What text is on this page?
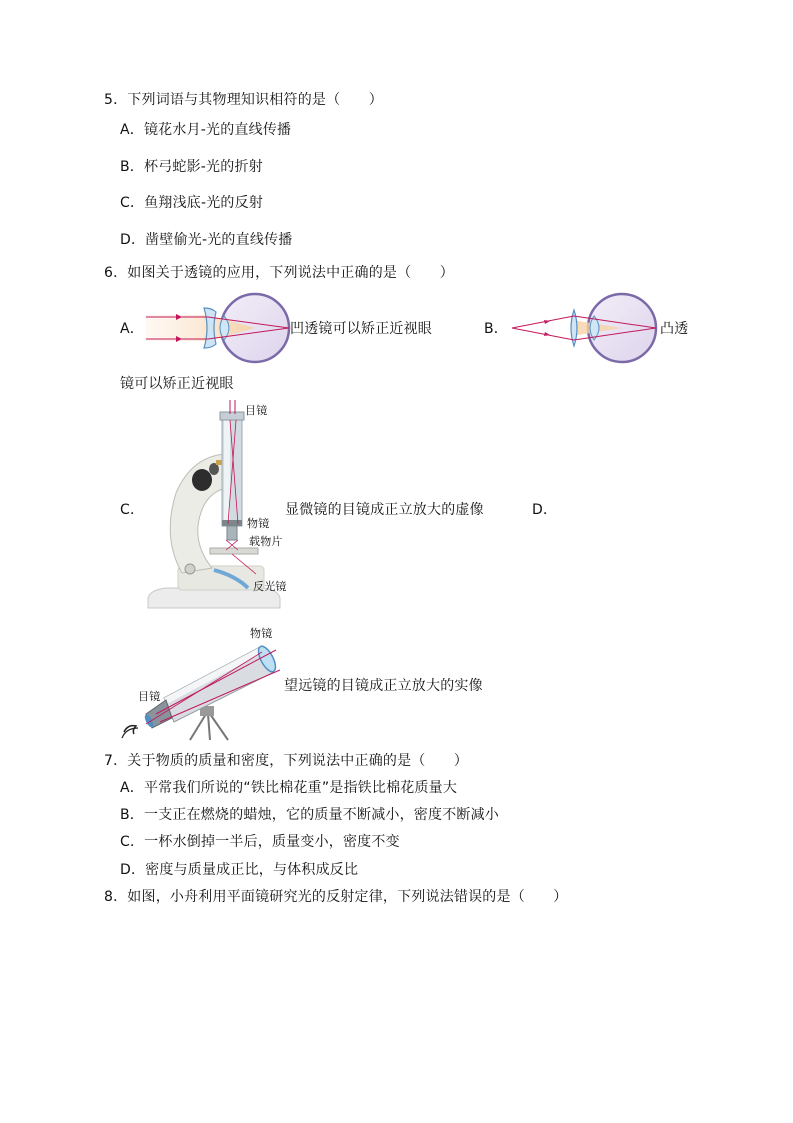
5．下列词语与其物理知识相符的是（　　）
A．镜花水月-光的直线传播
B．杯弓蛇影-光的折射
C．鱼翔浅底-光的反射
D．凿壁偷光-光的直线传播
6．如图关于透镜的应用，下列说法中正确的是（　　）
A．	凹透镜可以矫正近视眼	B．	凸透
镜可以矫正近视眼
C．
目镜
物镜
载物片
反光镜
显微镜的目镜成正立放大的虚像	D．
物镜
目镜
望远镜的目镜成正立放大的实像
7．关于物质的质量和密度，下列说法中正确的是（　　）
A．平常我们所说的“铁比棉花重”是指铁比棉花质量大
B．一支正在燃烧的蜡烛，它的质量不断减小，密度不断减小
C．一杯水倒掉一半后，质量变小，密度不变
D．密度与质量成正比，与体积成反比
8．如图，小舟利用平面镜研究光的反射定律，下列说法错误的是（　　）
